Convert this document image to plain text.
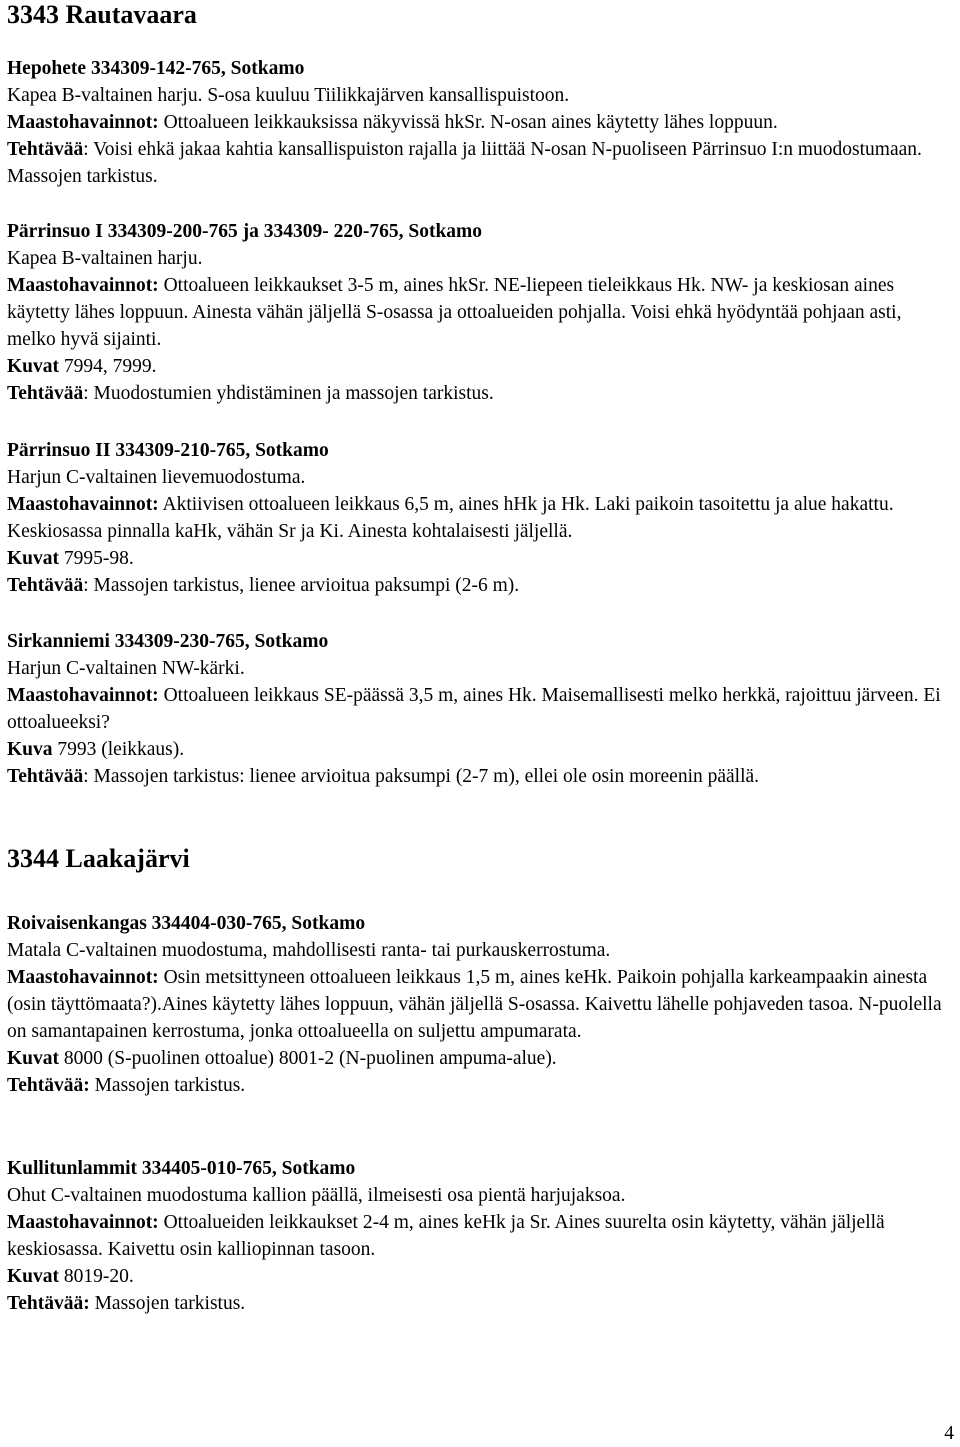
3343 Rautavaara
Hepohete 334309-142-765, Sotkamo

Kapea B-valtainen harju. S-osa kuuluu Tiilikkajärven kansallispuistoon.

Maastohavainnot: Ottoalueen leikkauksissa näkyvissä hkSr. N-osan aines käytetty lähes loppuun.

Tehtävää: Voisi ehkä jakaa kahtia kansallispuiston rajalla ja liittää N-osan N-puoliseen Pärrinsuo I:n muodostumaan. Massojen tarkistus.

Pärrinsuo I 334309-200-765 ja 334309- 220-765, Sotkamo

Kapea B-valtainen harju.

Maastohavainnot: Ottoalueen leikkaukset 3-5 m, aines hkSr. NE-liepeen tieleikkaus Hk. NW- ja keskiosan aines käytetty lähes loppuun. Ainesta vähän jäljellä S-osassa ja ottoalueiden pohjalla. Voisi ehkä hyödyntää pohjaan asti, melko hyvä sijainti.

Kuvat 7994, 7999.

Tehtävää: Muodostumien yhdistäminen ja massojen tarkistus.

Pärrinsuo II 334309-210-765, Sotkamo

Harjun C-valtainen lievemuodostuma.

Maastohavainnot: Aktiivisen ottoalueen leikkaus 6,5 m, aines hHk ja Hk. Laki paikoin tasoitettu ja alue hakattu. Keskiosassa pinnalla kaHk, vähän Sr ja Ki. Ainesta kohtalaisesti jäljellä.

Kuvat 7995-98.

Tehtävää: Massojen tarkistus, lienee arvioitua paksumpi (2-6 m).

Sirkanniemi 334309-230-765, Sotkamo

Harjun C-valtainen NW-kärki.

Maastohavainnot: Ottoalueen leikkaus SE-päässä 3,5 m, aines Hk. Maisemallisesti melko herkkä, rajoittuu järveen. Ei ottoalueeksi?

Kuva 7993 (leikkaus).

Tehtävää: Massojen tarkistus: lienee arvioitua paksumpi (2-7 m), ellei ole osin moreenin päällä.

3344 Laakajärvi
Roivaisenkangas 334404-030-765, Sotkamo

Matala C-valtainen muodostuma, mahdollisesti ranta- tai purkauskerrostuma.

Maastohavainnot: Osin metsittyneen ottoalueen leikkaus 1,5 m, aines keHk. Paikoin pohjalla karkeampaakin ainesta (osin täyttömaata?).Aines käytetty lähes loppuun, vähän jäljellä S-osassa. Kaivettu lähelle pohjaveden tasoa. N-puolella on samantapainen kerrostuma, jonka ottoalueella on suljettu ampumarata.

Kuvat 8000 (S-puolinen ottoalue) 8001-2 (N-puolinen ampuma-alue).

Tehtävää: Massojen tarkistus.

Kullitunlammit 334405-010-765, Sotkamo

Ohut C-valtainen muodostuma kallion päällä, ilmeisesti osa pientä harjujaksoa.

Maastohavainnot: Ottoalueiden leikkaukset 2-4 m, aines keHk ja Sr. Aines suurelta osin käytetty, vähän jäljellä keskiosassa. Kaivettu osin kalliopinnan tasoon.

Kuvat 8019-20.

Tehtävää: Massojen tarkistus.

4
